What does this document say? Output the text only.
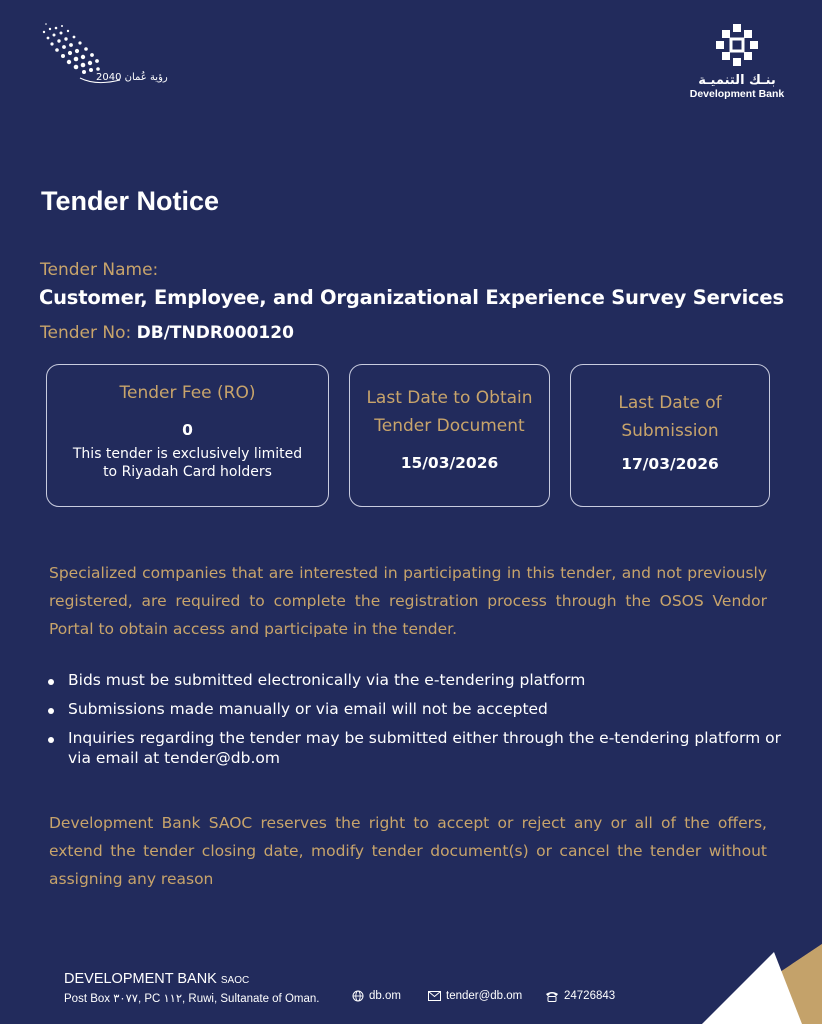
رؤية عُمان 2040	بنـك التنميـة
Development Bank
Tender Notice
Tender Name:
Customer, Employee, and Organizational Experience Survey Services
Tender No: DB/TNDR000120
Tender Fee (RO)
0
This tender is exclusively limited to Riyadah Card holders
Last Date to Obtain Tender Document
15/03/2026
Last Date of Submission
17/03/2026
Specialized companies that are interested in participating in this tender, and not previously registered, are required to complete the registration process through the OSOS Vendor Portal to obtain access and participate in the tender.
Bids must be submitted electronically via the e-tendering platform
Submissions made manually or via email will not be accepted
Inquiries regarding the tender may be submitted either through the e-tendering platform or via email at tender@db.om
Development Bank SAOC reserves the right to accept or reject any or all of the offers, extend the tender closing date, modify tender document(s) or cancel the tender without assigning any reason
DEVELOPMENT BANK SAOC
Post Box ٣٠٧٧, PC ١١٢, Ruwi, Sultanate of Oman.	db.om	tender@db.om	24726843
